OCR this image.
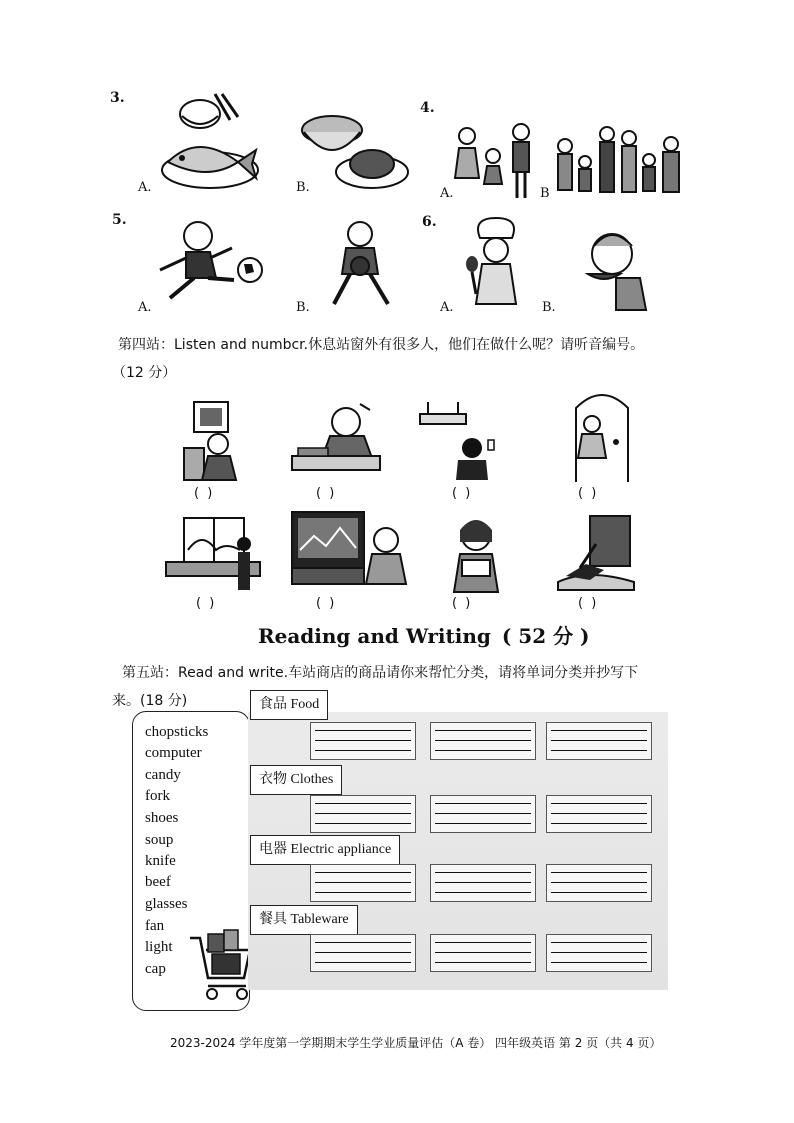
3.
A.	B.
4.
A.	B
5.
A.	B.
6.
A.	B.
第四站：Listen and numbcr.休息站窗外有很多人，他们在做什么呢？请听音编号。
（12 分）
( )	( )	( )	( )
( )	( )	( )	( )
Reading and Writing ( 52 分 )
第五站：Read and write.车站商店的商品请你来帮忙分类，请将单词分类并抄写下
来。(18 分)
chopsticks
computer
candy
fork
shoes
soup
knife
beef
glasses
fan
light
cap
食品 Food
衣物 Clothes
电器 Electric appliance
餐具 Tableware
2023-2024 学年度第一学期期末学生学业质量评估（A 卷） 四年级英语 第 2 页（共 4 页）
